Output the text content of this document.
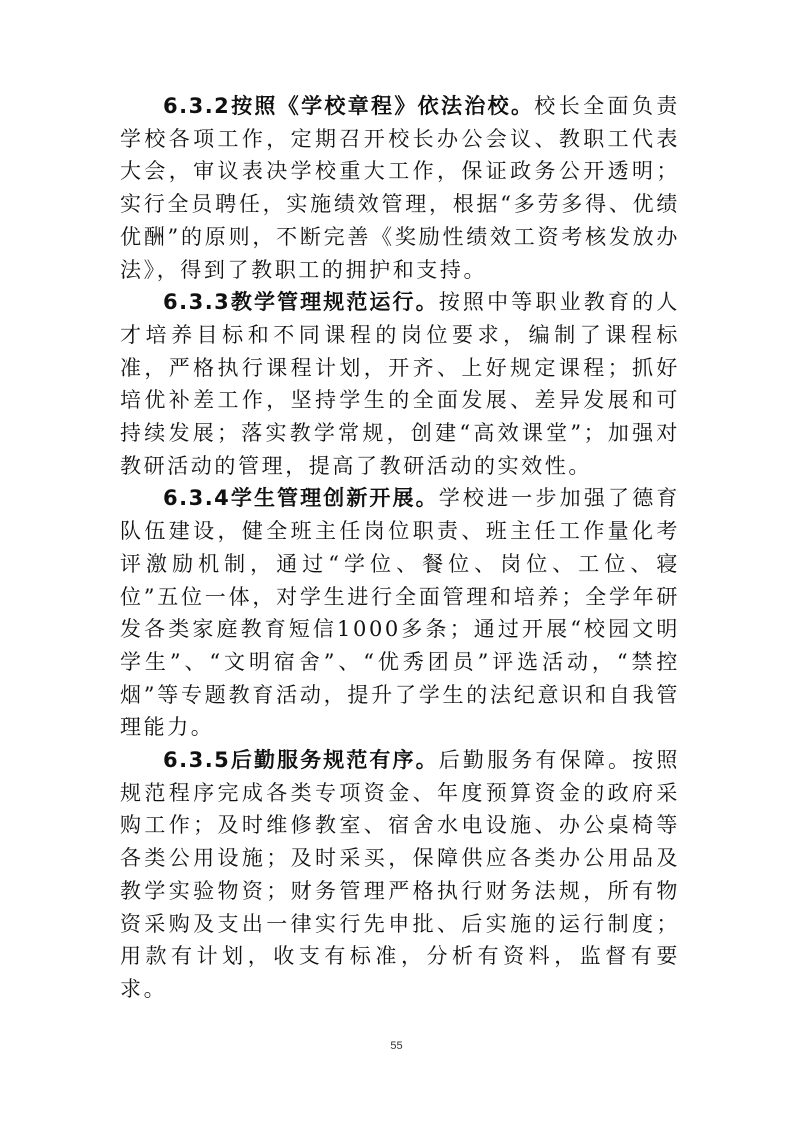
6.3.2按照《学校章程》依法治校。校长全面负责学校各项工作，定期召开校长办公会议、教职工代表大会，审议表决学校重大工作，保证政务公开透明；实行全员聘任，实施绩效管理，根据“多劳多得、优绩优酬”的原则，不断完善《奖励性绩效工资考核发放办法》，得到了教职工的拥护和支持。

6.3.3教学管理规范运行。按照中等职业教育的人才培养目标和不同课程的岗位要求，编制了课程标准，严格执行课程计划，开齐、上好规定课程；抓好培优补差工作，坚持学生的全面发展、差异发展和可持续发展；落实教学常规，创建“高效课堂”；加强对教研活动的管理，提高了教研活动的实效性。

6.3.4学生管理创新开展。学校进一步加强了德育队伍建设，健全班主任岗位职责、班主任工作量化考评激励机制，通过“学位、餐位、岗位、工位、寝位”五位一体，对学生进行全面管理和培养；全学年研发各类家庭教育短信1000多条；通过开展“校园文明学生”、“文明宿舍”、“优秀团员”评选活动，“禁控烟”等专题教育活动，提升了学生的法纪意识和自我管理能力。

6.3.5后勤服务规范有序。后勤服务有保障。按照规范程序完成各类专项资金、年度预算资金的政府采购工作；及时维修教室、宿舍水电设施、办公桌椅等各类公用设施；及时采买，保障供应各类办公用品及教学实验物资；财务管理严格执行财务法规，所有物资采购及支出一律实行先申批、后实施的运行制度；用款有计划，收支有标准，分析有资料，监督有要求。

55
